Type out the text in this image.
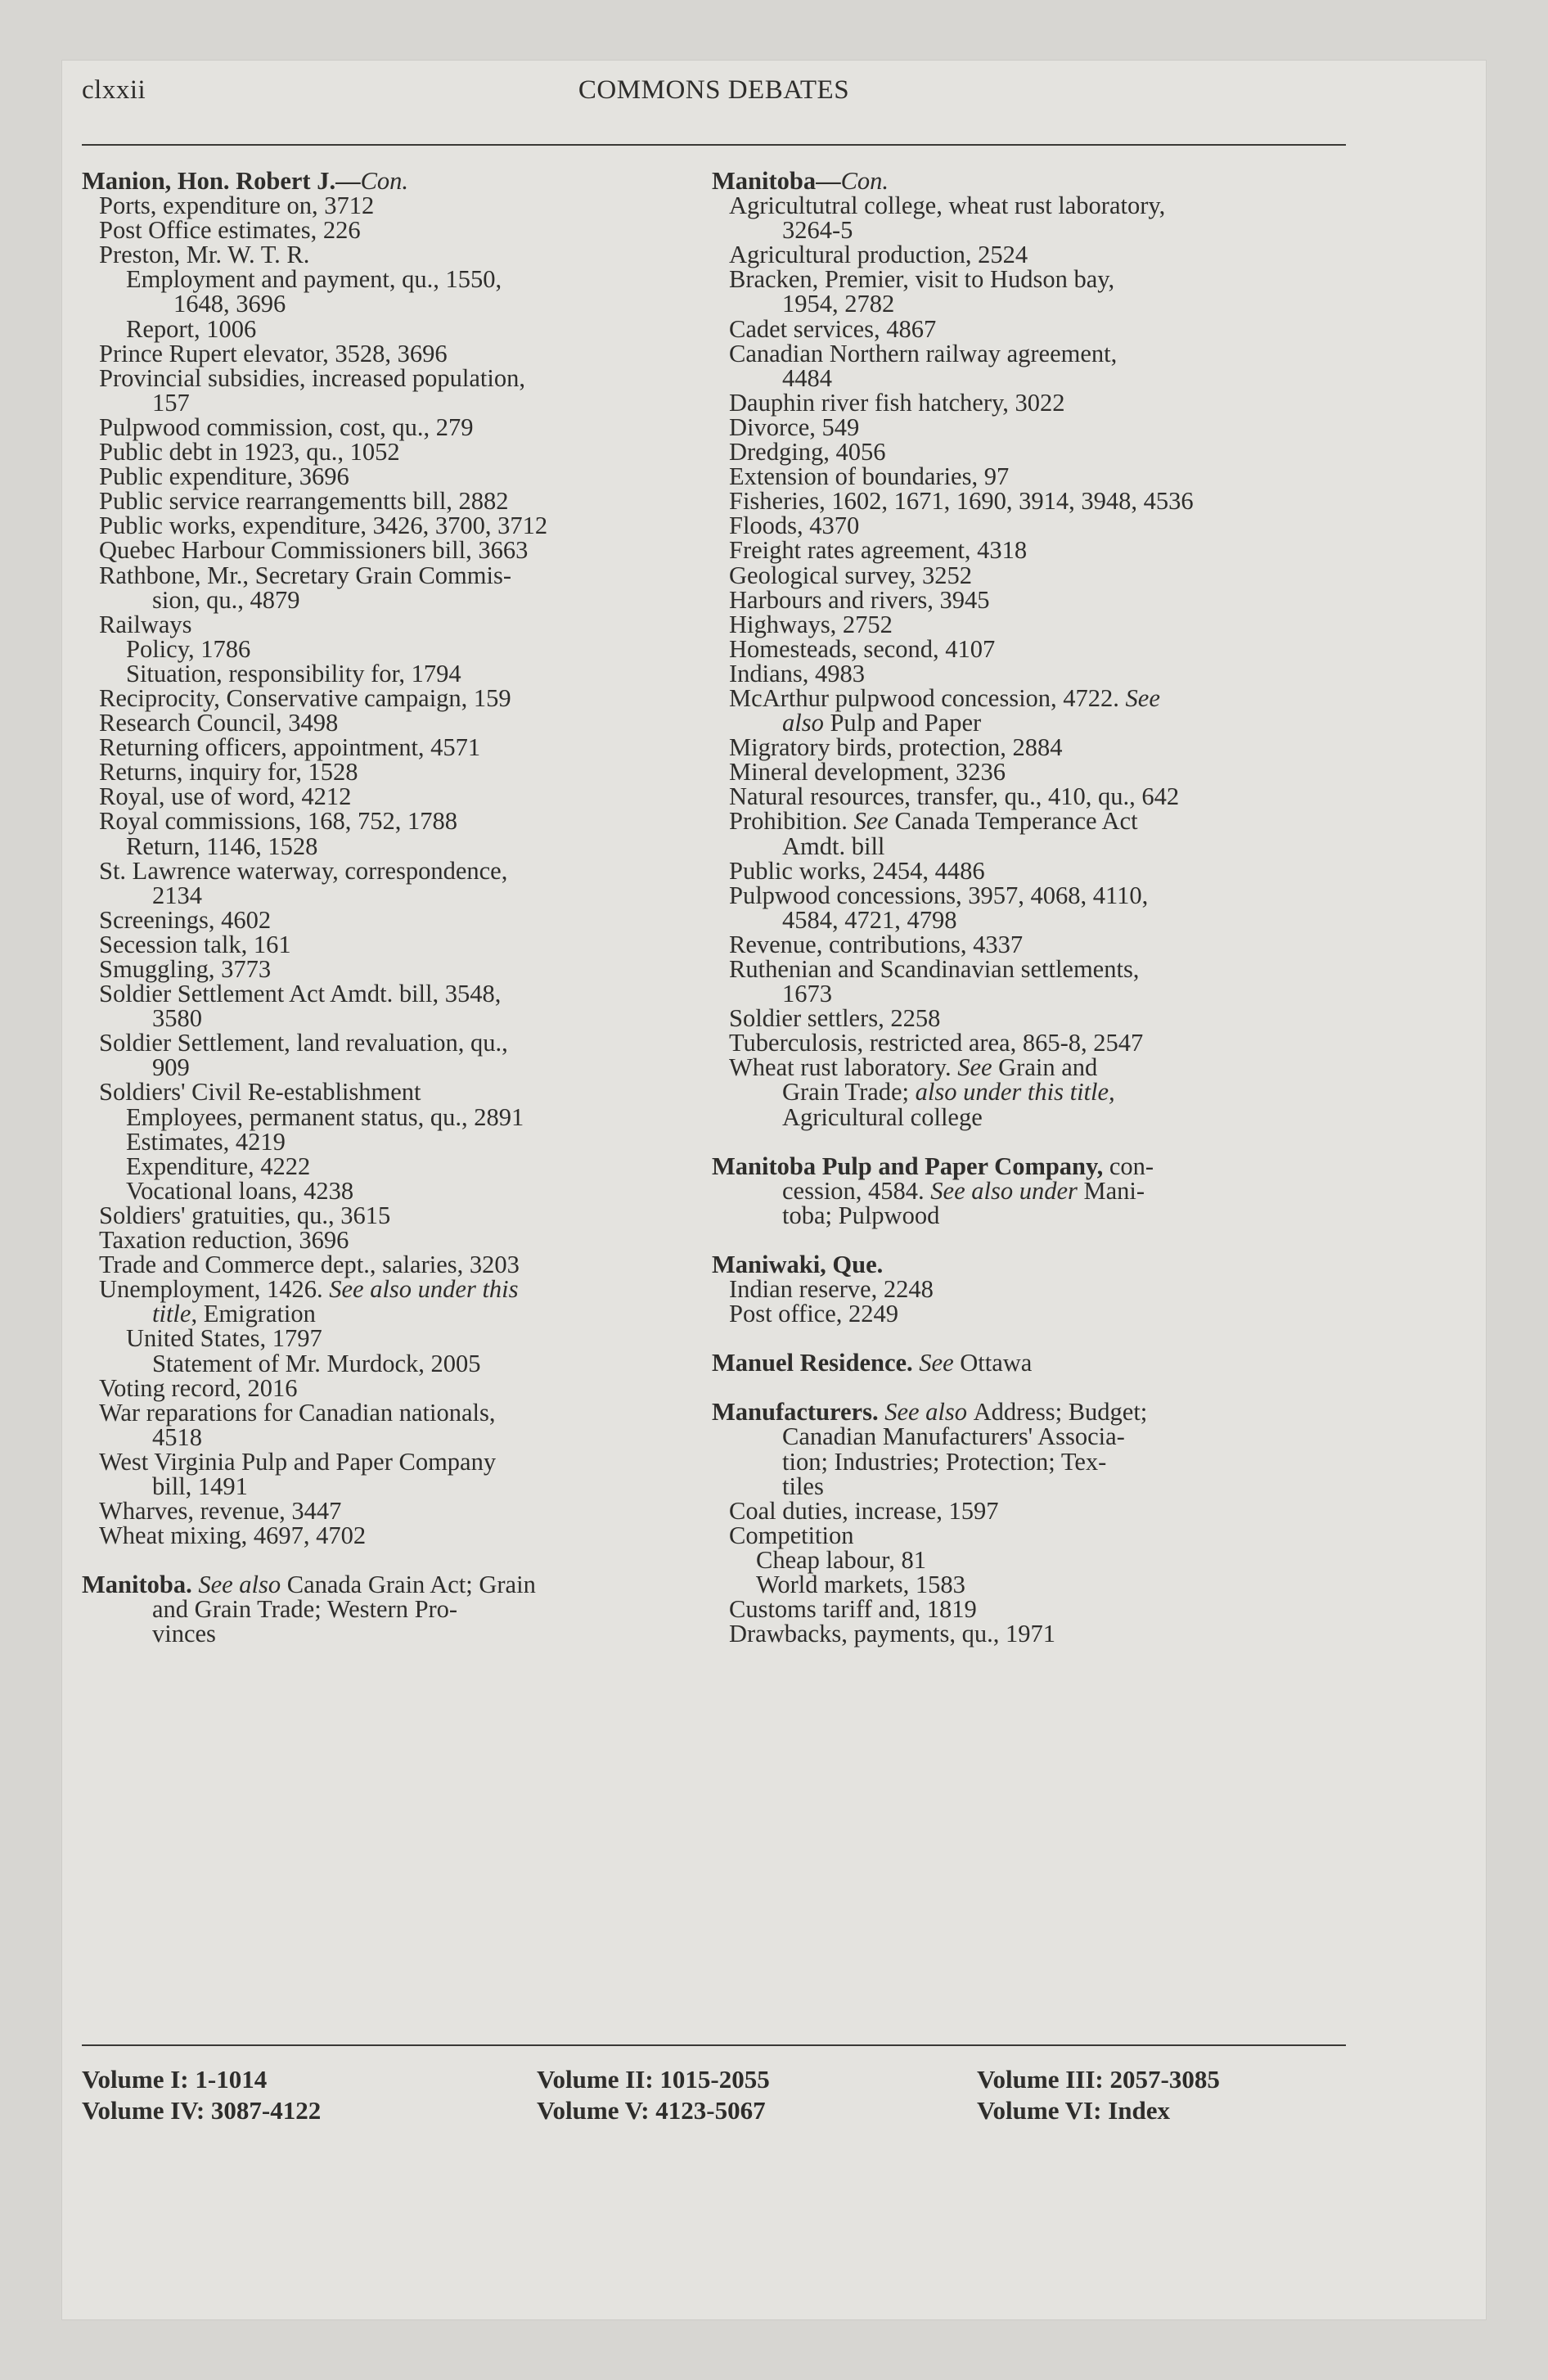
clxxii	COMMONS DEBATES

Manion, Hon. Robert J.—Con.

Ports, expenditure on, 3712

Post Office estimates, 226

Preston, Mr. W. T. R.

Employment and payment, qu., 1550,

1648, 3696

Report, 1006

Prince Rupert elevator, 3528, 3696

Provincial subsidies, increased population,

157

Pulpwood commission, cost, qu., 279

Public debt in 1923, qu., 1052

Public expenditure, 3696

Public service rearrangementts bill, 2882

Public works, expenditure, 3426, 3700, 3712

Quebec Harbour Commissioners bill, 3663

Rathbone, Mr., Secretary Grain Commis-

sion, qu., 4879

Railways

Policy, 1786

Situation, responsibility for, 1794

Reciprocity, Conservative campaign, 159

Research Council, 3498

Returning officers, appointment, 4571

Returns, inquiry for, 1528

Royal, use of word, 4212

Royal commissions, 168, 752, 1788

Return, 1146, 1528

St. Lawrence waterway, correspondence,

2134

Screenings, 4602

Secession talk, 161

Smuggling, 3773

Soldier Settlement Act Amdt. bill, 3548,

3580

Soldier Settlement, land revaluation, qu.,

909

Soldiers' Civil Re-establishment

Employees, permanent status, qu., 2891

Estimates, 4219

Expenditure, 4222

Vocational loans, 4238

Soldiers' gratuities, qu., 3615

Taxation reduction, 3696

Trade and Commerce dept., salaries, 3203

Unemployment, 1426. See also under this

title, Emigration

United States, 1797

Statement of Mr. Murdock, 2005

Voting record, 2016

War reparations for Canadian nationals,

4518

West Virginia Pulp and Paper Company

bill, 1491

Wharves, revenue, 3447

Wheat mixing, 4697, 4702

Manitoba. See also Canada Grain Act; Grain

and Grain Trade; Western Pro-

vinces

Manitoba—Con.

Agricultutral college, wheat rust laboratory,

3264-5

Agricultural production, 2524

Bracken, Premier, visit to Hudson bay,

1954, 2782

Cadet services, 4867

Canadian Northern railway agreement,

4484

Dauphin river fish hatchery, 3022

Divorce, 549

Dredging, 4056

Extension of boundaries, 97

Fisheries, 1602, 1671, 1690, 3914, 3948, 4536

Floods, 4370

Freight rates agreement, 4318

Geological survey, 3252

Harbours and rivers, 3945

Highways, 2752

Homesteads, second, 4107

Indians, 4983

McArthur pulpwood concession, 4722. See

also Pulp and Paper

Migratory birds, protection, 2884

Mineral development, 3236

Natural resources, transfer, qu., 410, qu., 642

Prohibition. See Canada Temperance Act

Amdt. bill

Public works, 2454, 4486

Pulpwood concessions, 3957, 4068, 4110,

4584, 4721, 4798

Revenue, contributions, 4337

Ruthenian and Scandinavian settlements,

1673

Soldier settlers, 2258

Tuberculosis, restricted area, 865-8, 2547

Wheat rust laboratory. See Grain and

Grain Trade; also under this title,

Agricultural college

Manitoba Pulp and Paper Company, con-

cession, 4584. See also under Mani-

toba; Pulpwood

Maniwaki, Que.

Indian reserve, 2248

Post office, 2249

Manuel Residence. See Ottawa

Manufacturers. See also Address; Budget;

Canadian Manufacturers' Associa-

tion; Industries; Protection; Tex-

tiles

Coal duties, increase, 1597

Competition

Cheap labour, 81

World markets, 1583

Customs tariff and, 1819

Drawbacks, payments, qu., 1971

Volume I: 1-1014
Volume IV: 3087-4122
Volume II: 1015-2055
Volume V: 4123-5067
Volume III: 2057-3085
Volume VI: Index
